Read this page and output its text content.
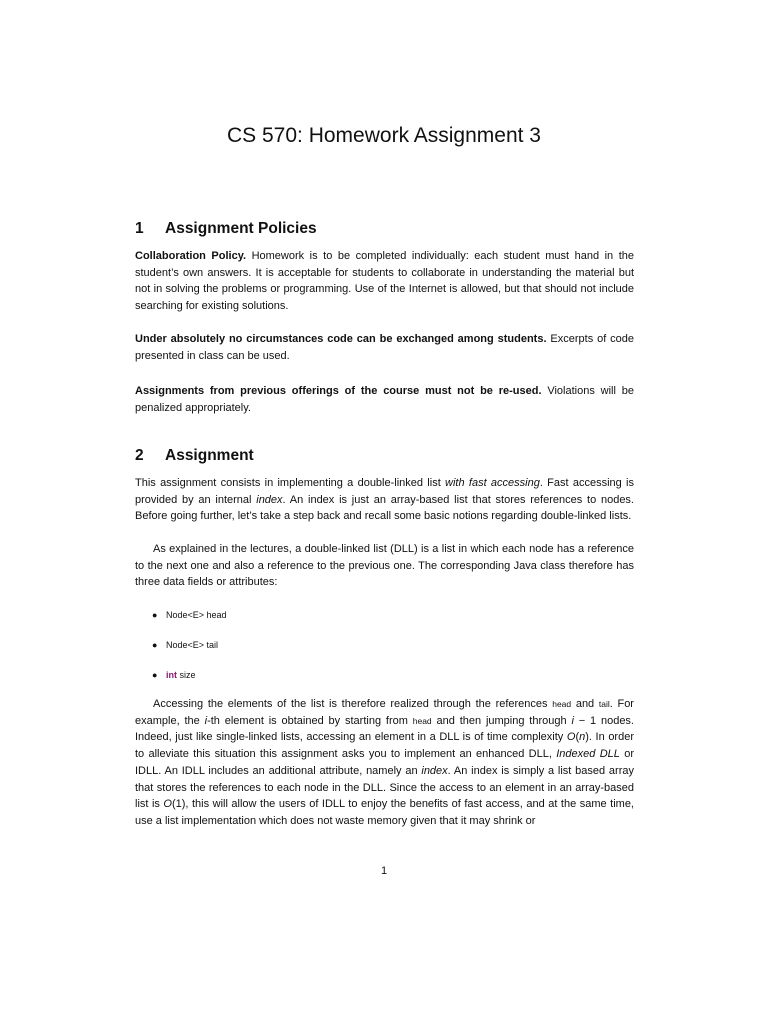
CS 570: Homework Assignment 3
1 Assignment Policies
Collaboration Policy. Homework is to be completed individually: each student must hand in the student’s own answers. It is acceptable for students to collaborate in understanding the material but not in solving the problems or programming. Use of the Internet is allowed, but that should not include searching for existing solutions.
Under absolutely no circumstances code can be exchanged among students. Excerpts of code presented in class can be used.
Assignments from previous offerings of the course must not be re-used. Violations will be penalized appropriately.
2 Assignment
This assignment consists in implementing a double-linked list with fast accessing. Fast accessing is provided by an internal index. An index is just an array-based list that stores references to nodes. Before going further, let’s take a step back and recall some basic notions regarding double-linked lists.
As explained in the lectures, a double-linked list (DLL) is a list in which each node has a reference to the next one and also a reference to the previous one. The corresponding Java class therefore has three data fields or attributes:
● Node<E> head
● Node<E> tail
● int size
Accessing the elements of the list is therefore realized through the references head and tail. For example, the i-th element is obtained by starting from head and then jumping through i − 1 nodes. Indeed, just like single-linked lists, accessing an element in a DLL is of time complexity O(n). In order to alleviate this situation this assignment asks you to implement an enhanced DLL, Indexed DLL or IDLL. An IDLL includes an additional attribute, namely an index. An index is simply a list based array that stores the references to each node in the DLL. Since the access to an element in an array-based list is O(1), this will allow the users of IDLL to enjoy the benefits of fast access, and at the same time, use a list implementation which does not waste memory given that it may shrink or
1
